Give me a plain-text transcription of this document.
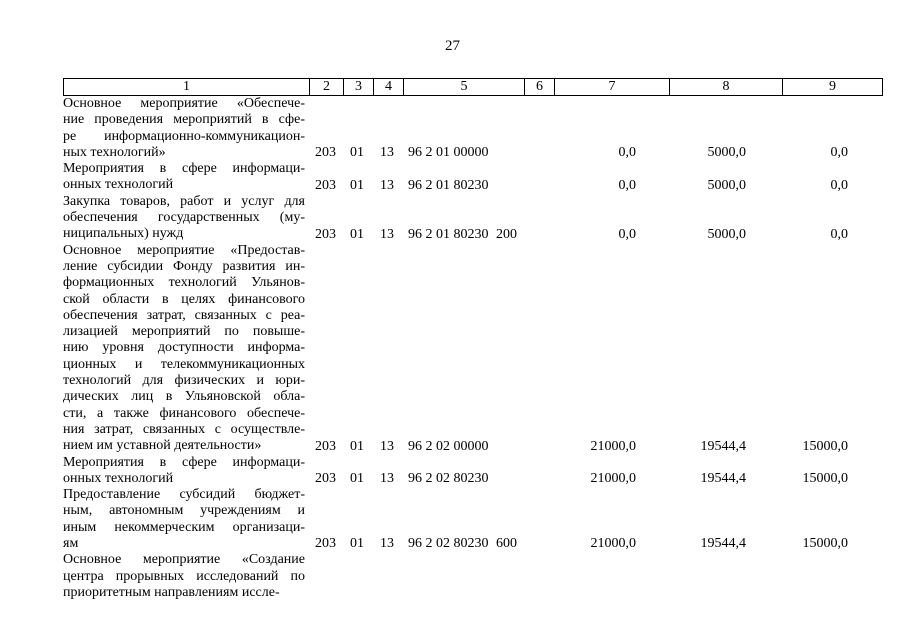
27
1	2	3	4	5	6	7	8	9
Основное мероприятие «Обеспече-
ние проведения мероприятий в сфе-
ре информационно-коммуникацион-
ных технологий»	203 01 13 96 2 01 00000	0,0	5000,0	0,0
Мероприятия в сфере информаци-
онных технологий	203 01 13 96 2 01 80230	0,0	5000,0	0,0
Закупка товаров, работ и услуг для
обеспечения государственных (му-
ниципальных) нужд	203 01 13 96 2 01 80230 200	0,0	5000,0	0,0
Основное мероприятие «Предостав-
ление субсидии Фонду развития ин-
формационных технологий Ульянов-
ской области в целях финансового
обеспечения затрат, связанных с реа-
лизацией мероприятий по повыше-
нию уровня доступности информа-
ционных и телекоммуникационных
технологий для физических и юри-
дических лиц в Ульяновской обла-
сти, а также финансового обеспече-
ния затрат, связанных с осуществле-
нием им уставной деятельности»	203 01 13 96 2 02 00000	21000,0	19544,4	15000,0
Мероприятия в сфере информаци-
онных технологий	203 01 13 96 2 02 80230	21000,0	19544,4	15000,0
Предоставление субсидий бюджет-
ным, автономным учреждениям и
иным некоммерческим организаци-
ям	203 01 13 96 2 02 80230 600	21000,0	19544,4	15000,0
Основное мероприятие «Создание
центра прорывных исследований по
приоритетным направлениям иссле-
